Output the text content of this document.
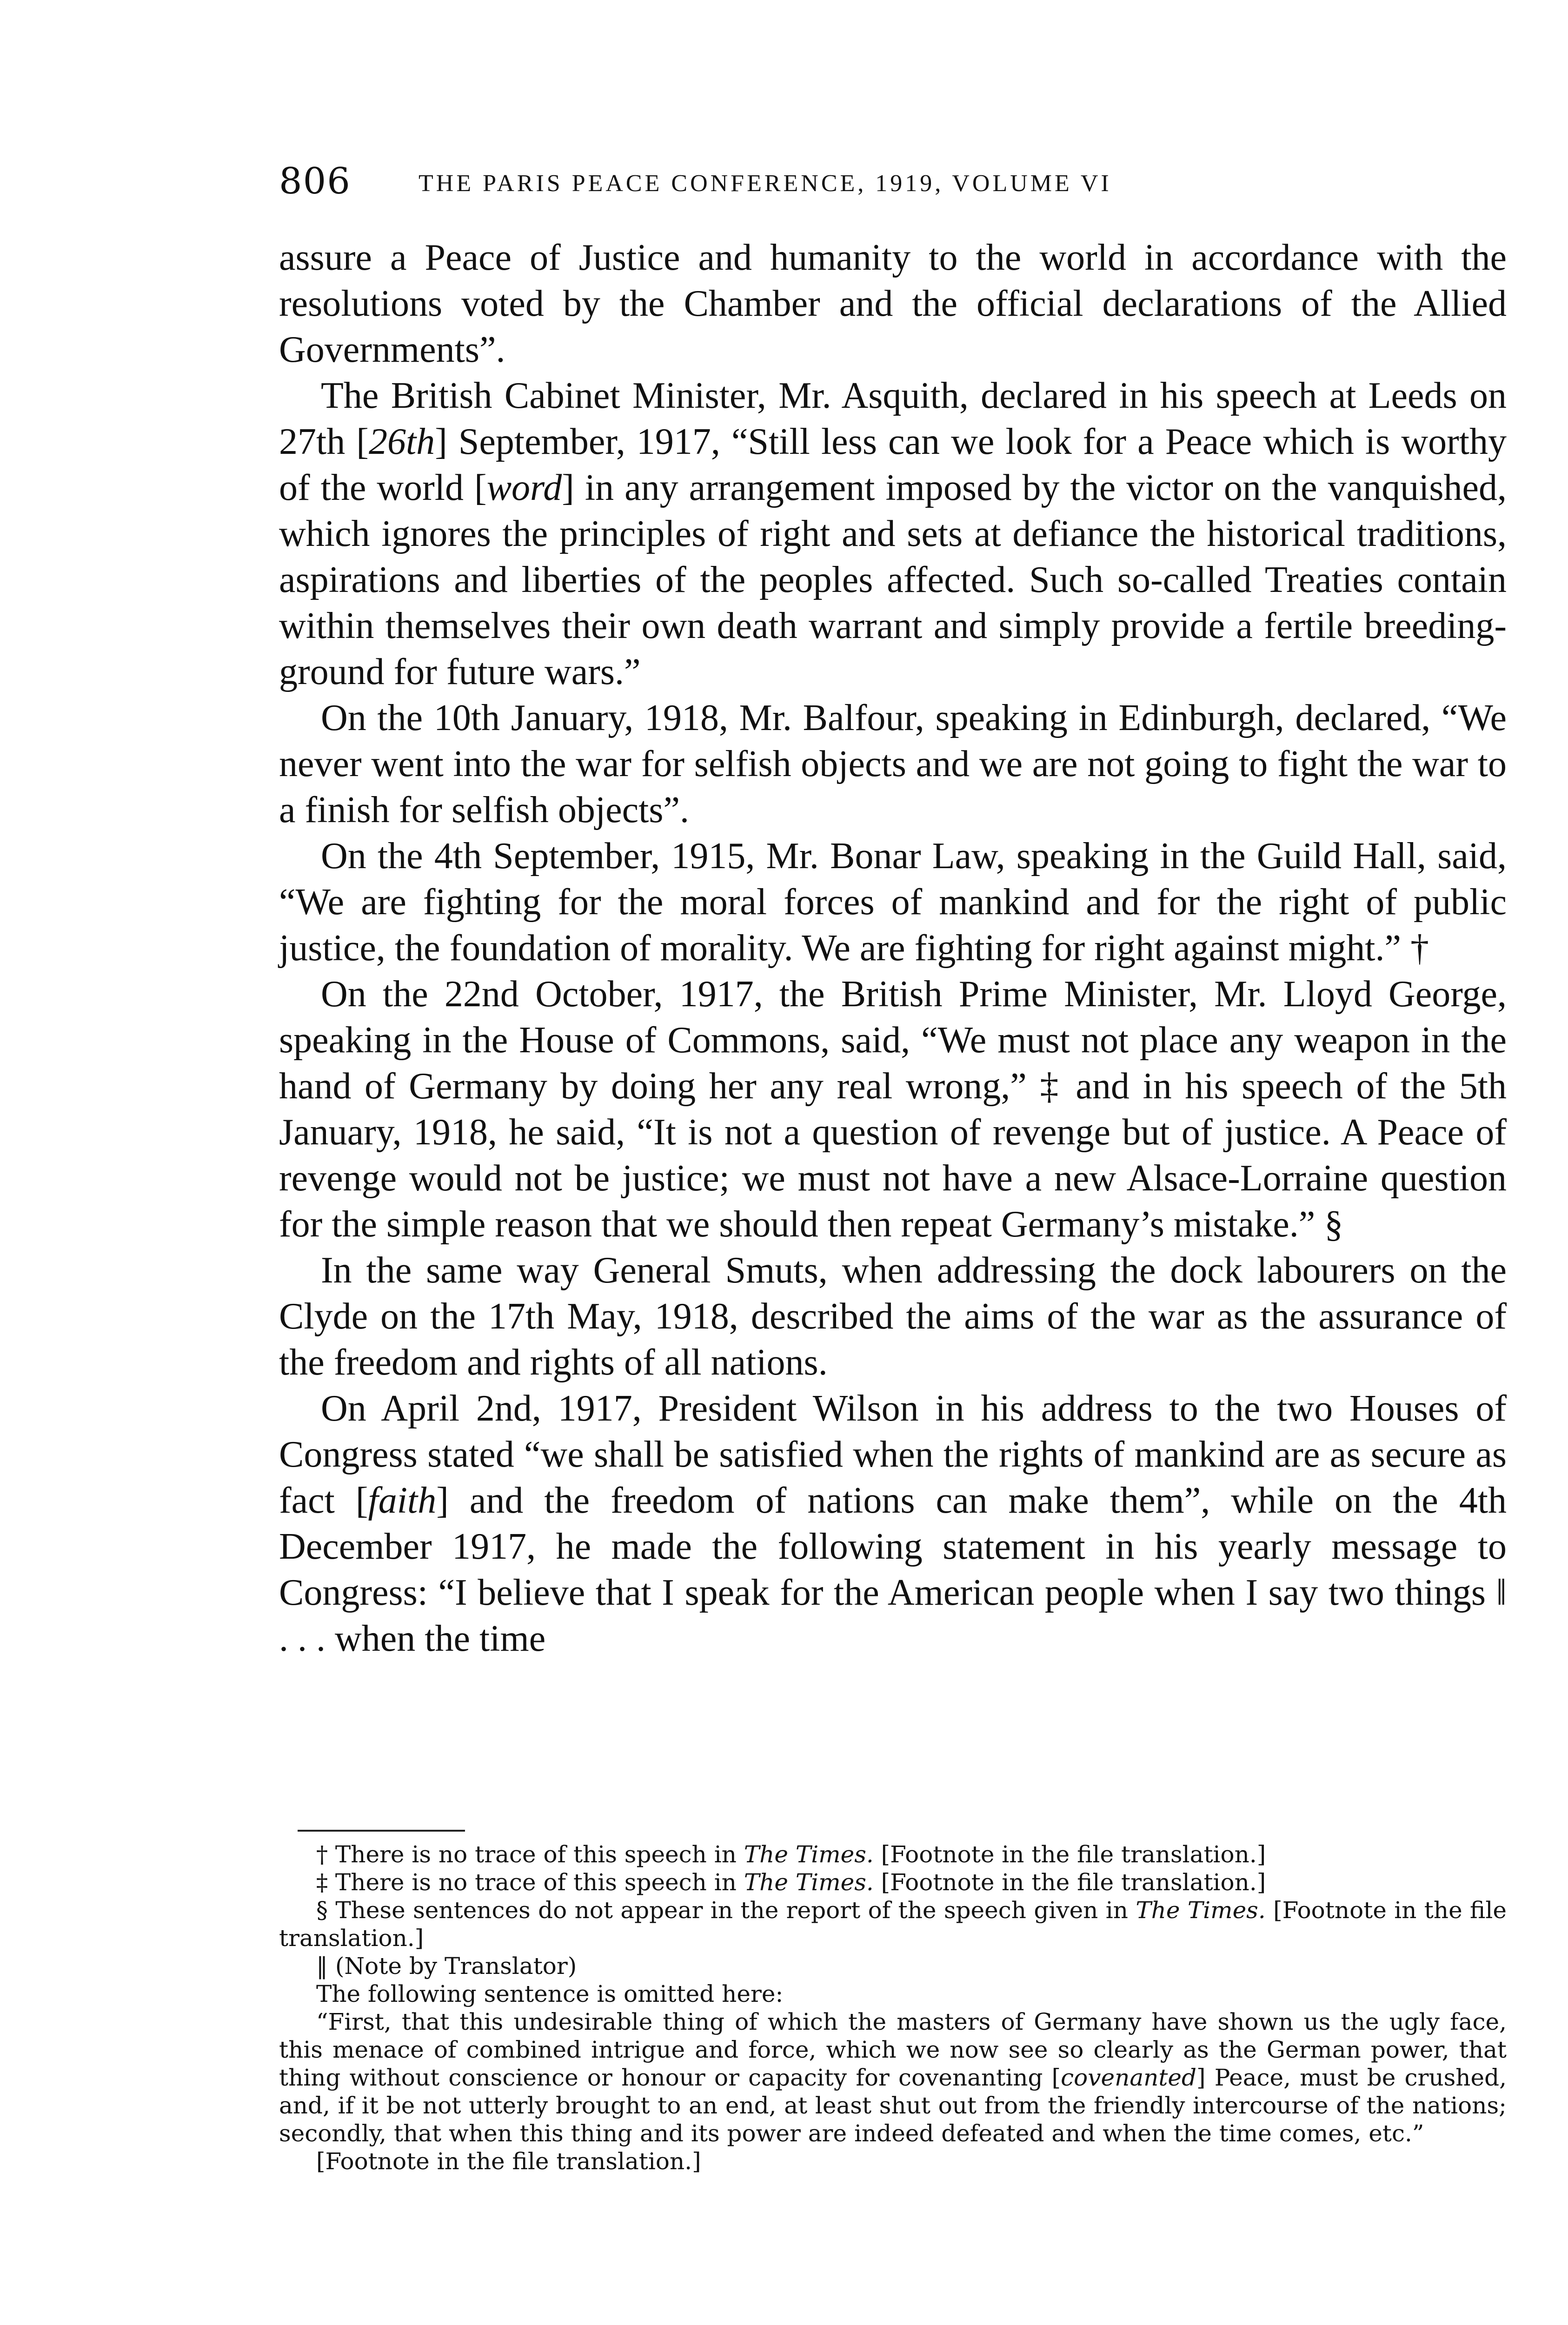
806	THE PARIS PEACE CONFERENCE, 1919, VOLUME VI

assure a Peace of Justice and humanity to the world in accordance with the resolutions voted by the Chamber and the official declarations of the Allied Governments”.

The British Cabinet Minister, Mr. Asquith, declared in his speech at Leeds on 27th [26th] September, 1917, “Still less can we look for a Peace which is worthy of the world [word] in any arrangement imposed by the victor on the vanquished, which ignores the principles of right and sets at defiance the historical traditions, aspirations and liberties of the peoples affected. Such so-called Treaties contain within themselves their own death warrant and simply provide a fertile breeding-ground for future wars.”

On the 10th January, 1918, Mr. Balfour, speaking in Edinburgh, declared, “We never went into the war for selfish objects and we are not going to fight the war to a finish for selfish objects”.

On the 4th September, 1915, Mr. Bonar Law, speaking in the Guild Hall, said, “We are fighting for the moral forces of mankind and for the right of public justice, the foundation of morality. We are fighting for right against might.” †

On the 22nd October, 1917, the British Prime Minister, Mr. Lloyd George, speaking in the House of Commons, said, “We must not place any weapon in the hand of Germany by doing her any real wrong,” ‡ and in his speech of the 5th January, 1918, he said, “It is not a question of revenge but of justice. A Peace of revenge would not be justice; we must not have a new Alsace-Lorraine question for the simple reason that we should then repeat Germany’s mistake.” §

In the same way General Smuts, when addressing the dock labourers on the Clyde on the 17th May, 1918, described the aims of the war as the assurance of the freedom and rights of all nations.

On April 2nd, 1917, President Wilson in his address to the two Houses of Congress stated “we shall be satisfied when the rights of mankind are as secure as fact [faith] and the freedom of nations can make them”, while on the 4th December 1917, he made the following statement in his yearly message to Congress: “I believe that I speak for the American people when I say two things ‖ . . . when the time

† There is no trace of this speech in The Times. [Footnote in the file translation.]

‡ There is no trace of this speech in The Times. [Footnote in the file translation.]

§ These sentences do not appear in the report of the speech given in The Times. [Footnote in the file translation.]

‖ (Note by Translator)

The following sentence is omitted here:

“First, that this undesirable thing of which the masters of Germany have shown us the ugly face, this menace of combined intrigue and force, which we now see so clearly as the German power, that thing without conscience or honour or capacity for covenanting [covenanted] Peace, must be crushed, and, if it be not utterly brought to an end, at least shut out from the friendly intercourse of the nations; secondly, that when this thing and its power are indeed defeated and when the time comes, etc.”

[Footnote in the file translation.]
